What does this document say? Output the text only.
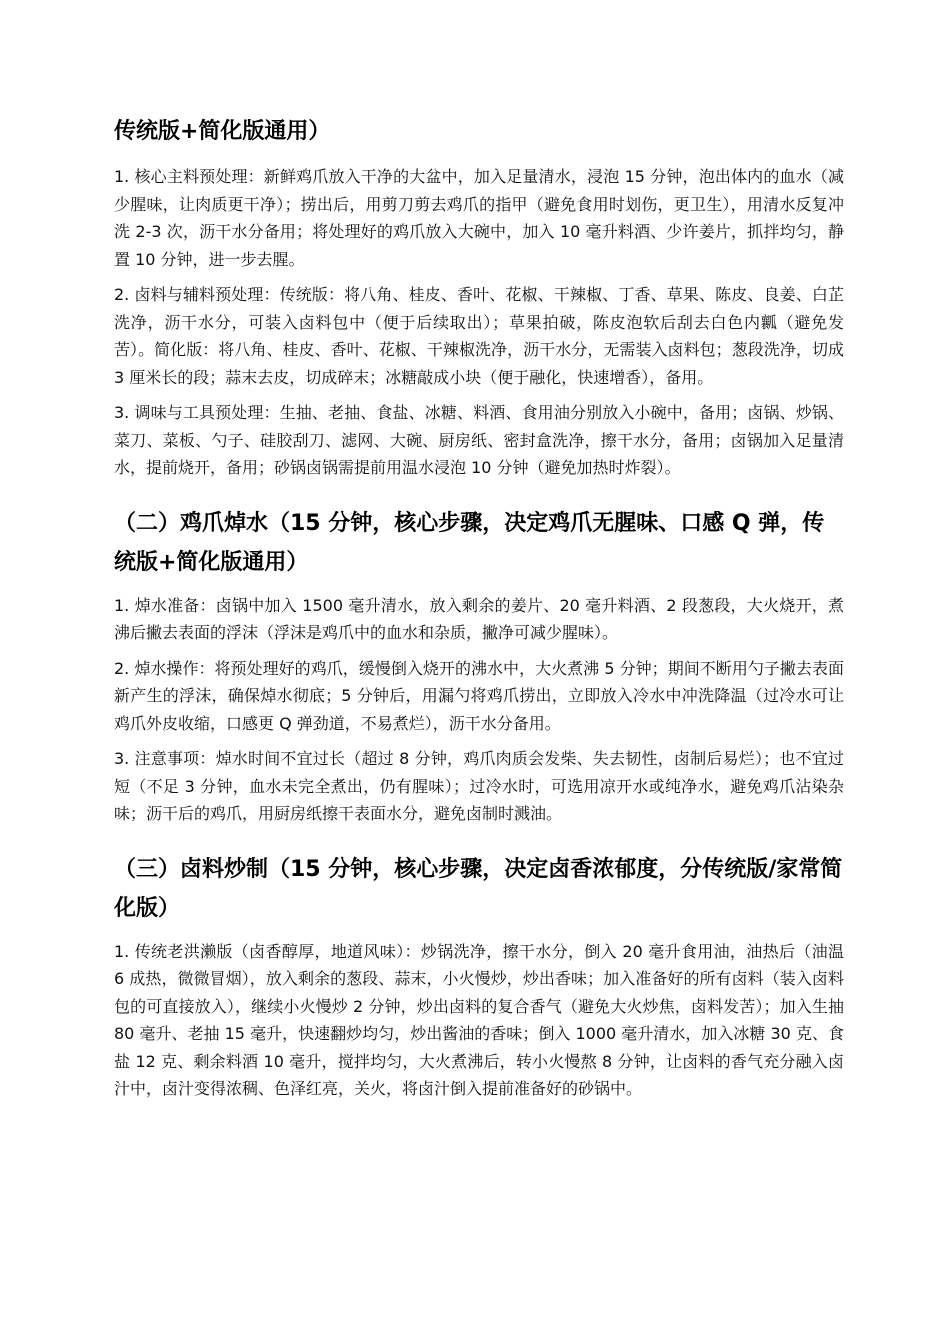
传统版+简化版通用）

1. 核心主料预处理：新鲜鸡爪放入干净的大盆中，加入足量清水，浸泡 15 分钟，泡出体内的血水（减少腥味，让肉质更干净）；捞出后，用剪刀剪去鸡爪的指甲（避免食用时划伤，更卫生），用清水反复冲洗 2-3 次，沥干水分备用；将处理好的鸡爪放入大碗中，加入 10 毫升料酒、少许姜片，抓拌均匀，静置 10 分钟，进一步去腥。

2. 卤料与辅料预处理：传统版：将八角、桂皮、香叶、花椒、干辣椒、丁香、草果、陈皮、良姜、白芷洗净，沥干水分，可装入卤料包中（便于后续取出）；草果拍破，陈皮泡软后刮去白色内瓤（避免发苦）。简化版：将八角、桂皮、香叶、花椒、干辣椒洗净，沥干水分，无需装入卤料包；葱段洗净，切成 3 厘米长的段；蒜末去皮，切成碎末；冰糖敲成小块（便于融化，快速增香），备用。

3. 调味与工具预处理：生抽、老抽、食盐、冰糖、料酒、食用油分别放入小碗中，备用；卤锅、炒锅、菜刀、菜板、勺子、硅胶刮刀、滤网、大碗、厨房纸、密封盒洗净，擦干水分，备用；卤锅加入足量清水，提前烧开，备用；砂锅卤锅需提前用温水浸泡 10 分钟（避免加热时炸裂）。

（二）鸡爪焯水（15 分钟，核心步骤，决定鸡爪无腥味、口感 Q 弹，传统版+简化版通用）

1. 焯水准备：卤锅中加入 1500 毫升清水，放入剩余的姜片、20 毫升料酒、2 段葱段，大火烧开，煮沸后撇去表面的浮沫（浮沫是鸡爪中的血水和杂质，撇净可减少腥味）。

2. 焯水操作：将预处理好的鸡爪，缓慢倒入烧开的沸水中，大火煮沸 5 分钟；期间不断用勺子撇去表面新产生的浮沫，确保焯水彻底；5 分钟后，用漏勺将鸡爪捞出，立即放入冷水中冲洗降温（过冷水可让鸡爪外皮收缩，口感更 Q 弹劲道，不易煮烂），沥干水分备用。

3. 注意事项：焯水时间不宜过长（超过 8 分钟，鸡爪肉质会发柴、失去韧性，卤制后易烂）；也不宜过短（不足 3 分钟，血水未完全煮出，仍有腥味）；过冷水时，可选用凉开水或纯净水，避免鸡爪沾染杂味；沥干后的鸡爪，用厨房纸擦干表面水分，避免卤制时溅油。

（三）卤料炒制（15 分钟，核心步骤，决定卤香浓郁度，分传统版/家常简化版）

1. 传统老洪濑版（卤香醇厚，地道风味）：炒锅洗净，擦干水分，倒入 20 毫升食用油，油热后（油温 6 成热，微微冒烟），放入剩余的葱段、蒜末，小火慢炒，炒出香味；加入准备好的所有卤料（装入卤料包的可直接放入），继续小火慢炒 2 分钟，炒出卤料的复合香气（避免大火炒焦，卤料发苦）；加入生抽 80 毫升、老抽 15 毫升，快速翻炒均匀，炒出酱油的香味；倒入 1000 毫升清水，加入冰糖 30 克、食盐 12 克、剩余料酒 10 毫升，搅拌均匀，大火煮沸后，转小火慢熬 8 分钟，让卤料的香气充分融入卤汁中，卤汁变得浓稠、色泽红亮，关火，将卤汁倒入提前准备好的砂锅中。
